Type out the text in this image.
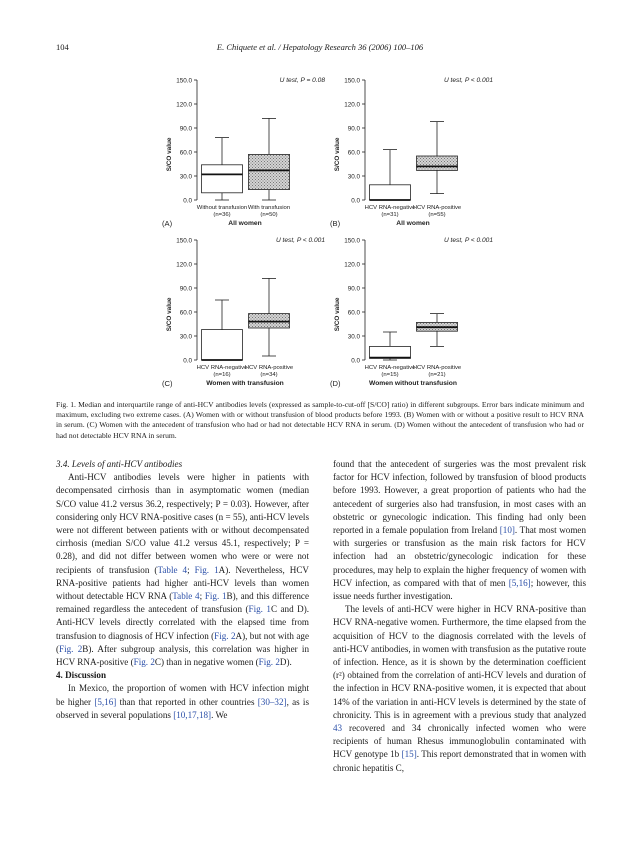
104	E. Chiquete et al. / Hepatology Research 36 (2006) 100–106
150.0
120.0
90.0
60.0
30.0
0.0
S/CO value
U test, P = 0.08
Without transfusion
(n=36)
With transfusion
(n=50)
(A)	All women
150.0
120.0
90.0
60.0
30.0
0.0
S/CO value
U test, P < 0.001
HCV RNA-negative
(n=31)
HCV RNA-positive
(n=55)
(B)	All women
150.0
120.0
90.0
60.0
30.0
0.0
S/CO value
U test, P < 0.001
HCV RNA-negative
(n=16)
HCV RNA-positive
(n=34)
(C)	Women with transfusion
150.0
120.0
90.0
60.0
30.0
0.0
S/CO value
U test, P < 0.001
HCV RNA-negative
(n=15)
HCV RNA-positive
(n=21)
(D)	Women without transfusion

Fig. 1. Median and interquartile range of anti-HCV antibodies levels (expressed as sample-to-cut-off [S/CO] ratio) in different subgroups. Error bars indicate minimum and maximum, excluding two extreme cases. (A) Women with or without transfusion of blood products before 1993. (B) Women with or without a positive result to HCV RNA in serum. (C) Women with the antecedent of transfusion who had or had not detectable HCV RNA in serum. (D) Women without the antecedent of transfusion who had or had not detectable HCV RNA in serum.

3.4. Levels of anti-HCV antibodies

Anti-HCV antibodies levels were higher in patients with decompensated cirrhosis than in asymptomatic women (median S/CO value 41.2 versus 36.2, respectively; P = 0.03). However, after considering only HCV RNA-positive cases (n = 55), anti-HCV levels were not different between patients with or without decompensated cirrhosis (median S/CO value 41.2 versus 45.1, respectively; P = 0.28), and did not differ between women who were or were not recipients of transfusion (Table 4; Fig. 1A). Nevertheless, HCV RNA-positive patients had higher anti-HCV levels than women without detectable HCV RNA (Table 4; Fig. 1B), and this difference remained regardless the antecedent of transfusion (Fig. 1C and D). Anti-HCV levels directly correlated with the elapsed time from transfusion to diagnosis of HCV infection (Fig. 2A), but not with age (Fig. 2B). After subgroup analysis, this correlation was higher in HCV RNA-positive (Fig. 2C) than in negative women (Fig. 2D).

4. Discussion

In Mexico, the proportion of women with HCV infection might be higher [5,16] than that reported in other countries [30–32], as is observed in several populations [10,17,18]. We

found that the antecedent of surgeries was the most prevalent risk factor for HCV infection, followed by transfusion of blood products before 1993. However, a great proportion of patients who had the antecedent of surgeries also had transfusion, in most cases with an obstetric or gynecologic indication. This finding had only been reported in a female population from Ireland [10]. That most women with surgeries or transfusion as the main risk factors for HCV infection had an obstetric/gynecologic indication for these procedures, may help to explain the higher frequency of women with HCV infection, as compared with that of men [5,16]; however, this issue needs further investigation.

The levels of anti-HCV were higher in HCV RNA-positive than HCV RNA-negative women. Furthermore, the time elapsed from the acquisition of HCV to the diagnosis correlated with the levels of anti-HCV antibodies, in women with transfusion as the putative route of infection. Hence, as it is shown by the determination coefficient (r²) obtained from the correlation of anti-HCV levels and duration of the infection in HCV RNA-positive women, it is expected that about 14% of the variation in anti-HCV levels is determined by the state of chronicity. This is in agreement with a previous study that analyzed 43 recovered and 34 chronically infected women who were recipients of human Rhesus immunoglobulin contaminated with HCV genotype 1b [15]. This report demonstrated that in women with chronic hepatitis C,
